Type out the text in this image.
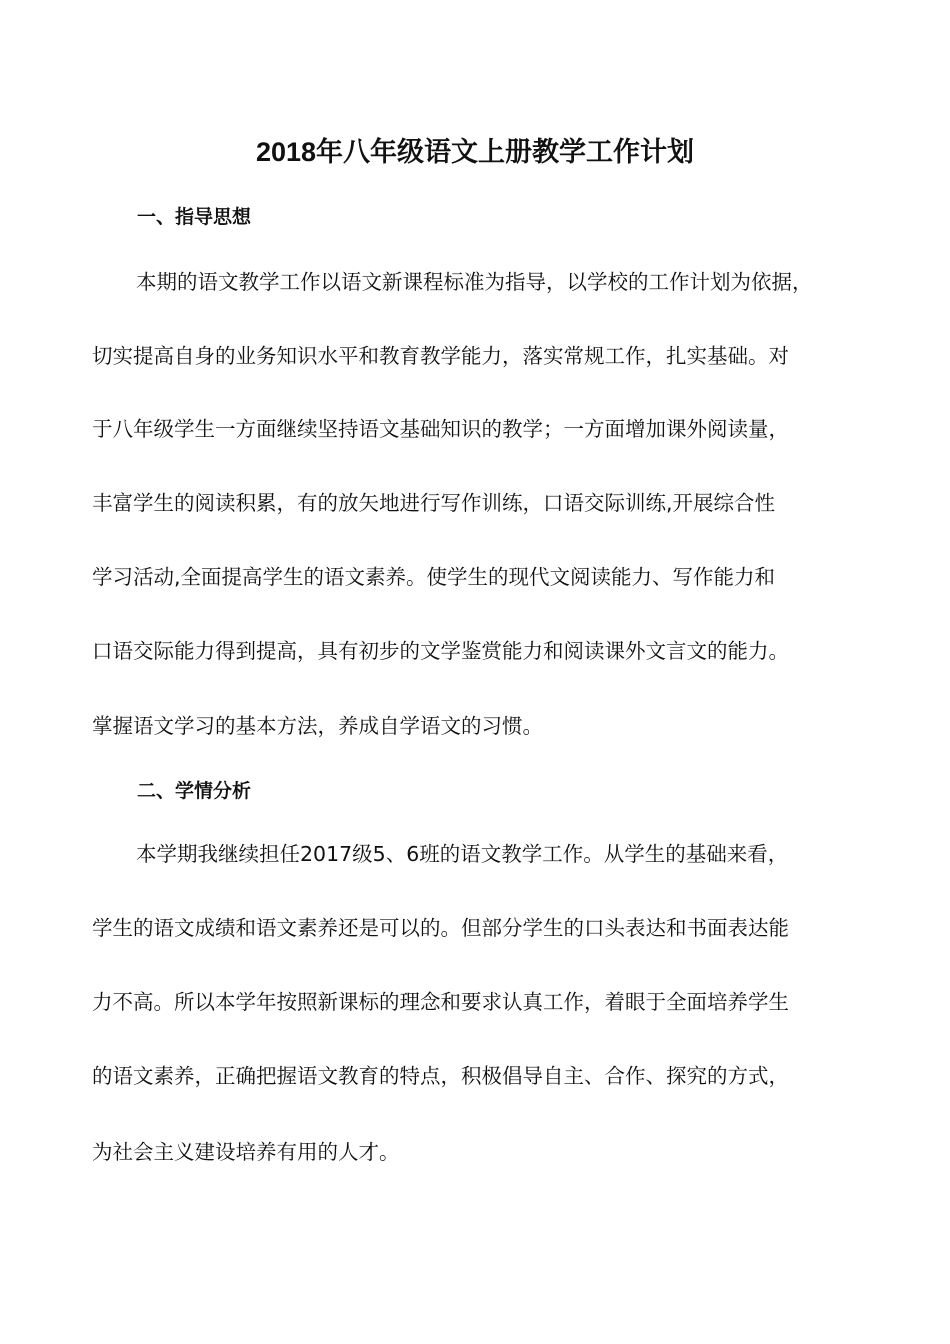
2018年八年级语文上册教学工作计划
一、指导思想

本期的语文教学工作以语文新课程标准为指导，以学校的工作计划为依据，

切实提高自身的业务知识水平和教育教学能力，落实常规工作，扎实基础。对

于八年级学生一方面继续坚持语文基础知识的教学；一方面增加课外阅读量，

丰富学生的阅读积累，有的放矢地进行写作训练，口语交际训练,开展综合性

学习活动,全面提高学生的语文素养。使学生的现代文阅读能力、写作能力和

口语交际能力得到提高，具有初步的文学鉴赏能力和阅读课外文言文的能力。

掌握语文学习的基本方法，养成自学语文的习惯。

二、学情分析

本学期我继续担任2017级5、6班的语文教学工作。从学生的基础来看，

学生的语文成绩和语文素养还是可以的。但部分学生的口头表达和书面表达能

力不高。所以本学年按照新课标的理念和要求认真工作，着眼于全面培养学生

的语文素养，正确把握语文教育的特点，积极倡导自主、合作、探究的方式，

为社会主义建设培养有用的人才。
